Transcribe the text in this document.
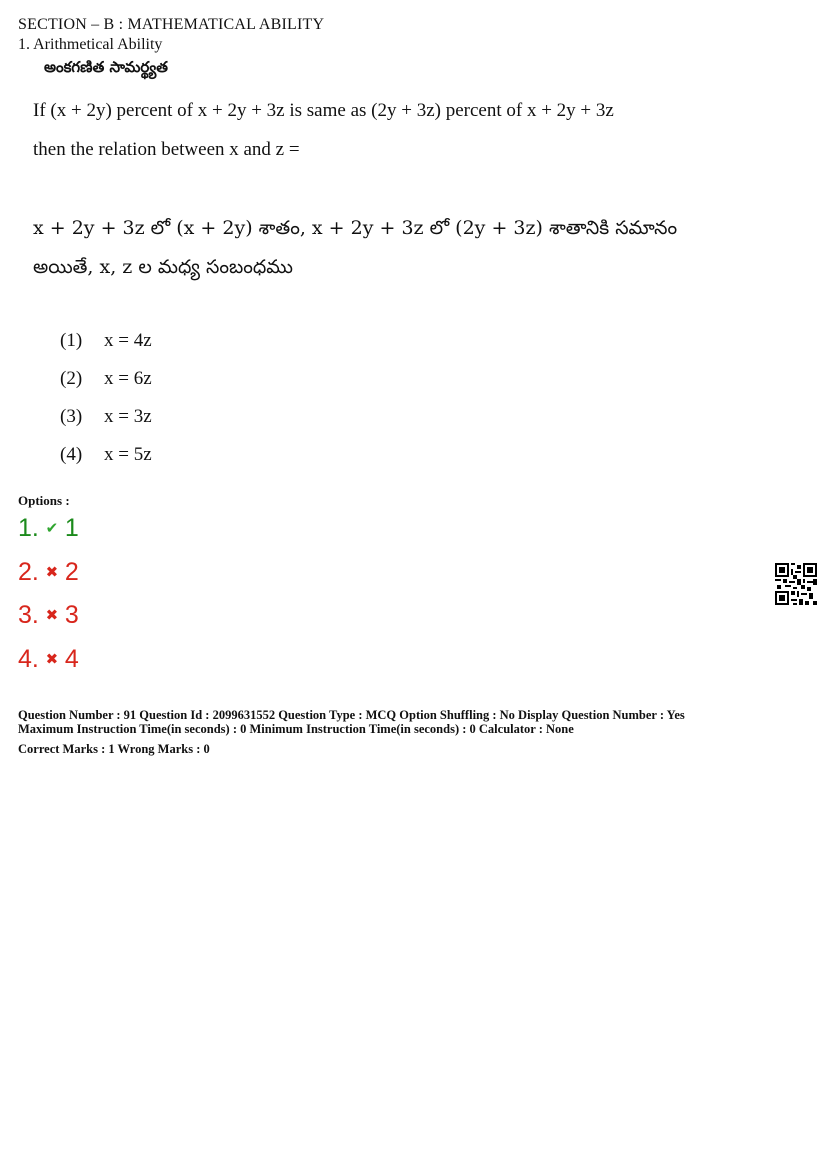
SECTION – B : MATHEMATICAL ABILITY
1. Arithmetical Ability
అంకగణిత సామర్థ్యత
If (x + 2y) percent of x + 2y + 3z is same as (2y + 3z) percent of x + 2y + 3z
then the relation between x and z =
x + 2y + 3z లో (x + 2y) శాతం, x + 2y + 3z లో (2y + 3z) శాతానికి సమానం
అయితే, x, z ల మధ్య సంబంధము
(1) x = 4z
(2) x = 6z
(3) x = 3z
(4) x = 5z
Options :
1. ✔ 1
2. ✖ 2
3. ✖ 3
4. ✖ 4
Question Number : 91 Question Id : 2099631552 Question Type : MCQ Option Shuffling : No Display Question Number : Yes
Maximum Instruction Time(in seconds) : 0 Minimum Instruction Time(in seconds) : 0 Calculator : None
Correct Marks : 1 Wrong Marks : 0
